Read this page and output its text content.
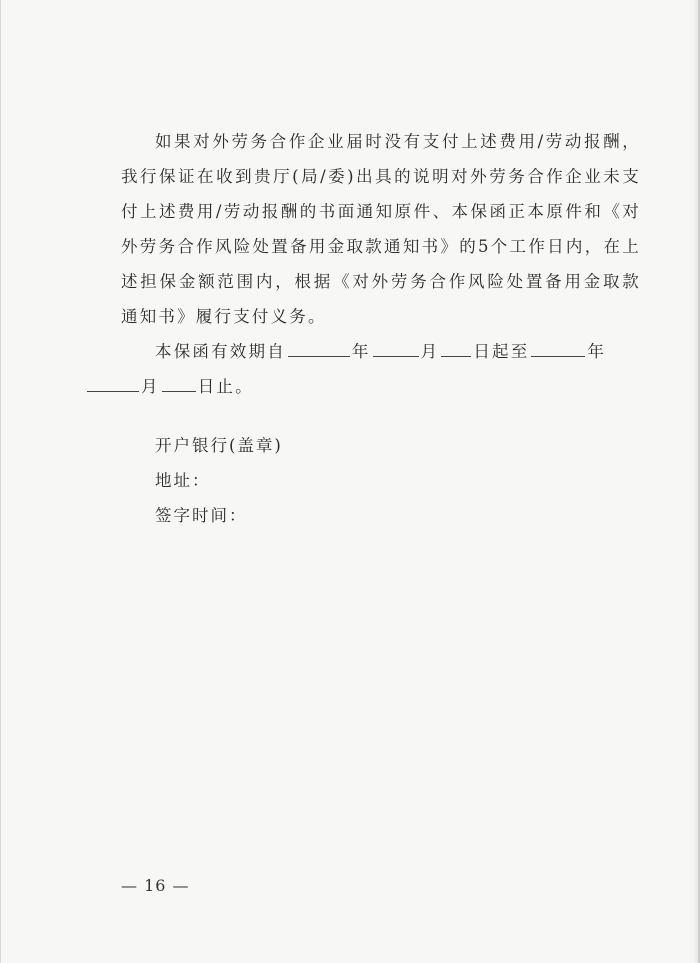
如果对外劳务合作企业届时没有支付上述费用/劳动报酬，我行保证在收到贵厅(局/委)出具的说明对外劳务合作企业未支付上述费用/劳动报酬的书面通知原件、本保函正本原件和《对外劳务合作风险处置备用金取款通知书》的5个工作日内，在上述担保金额范围内，根据《对外劳务合作风险处置备用金取款通知书》履行支付义务。

本保函有效期自	年	月 日起至	年
月 日止。

开户银行(盖章)
地址：
签字时间：
— 16 —
